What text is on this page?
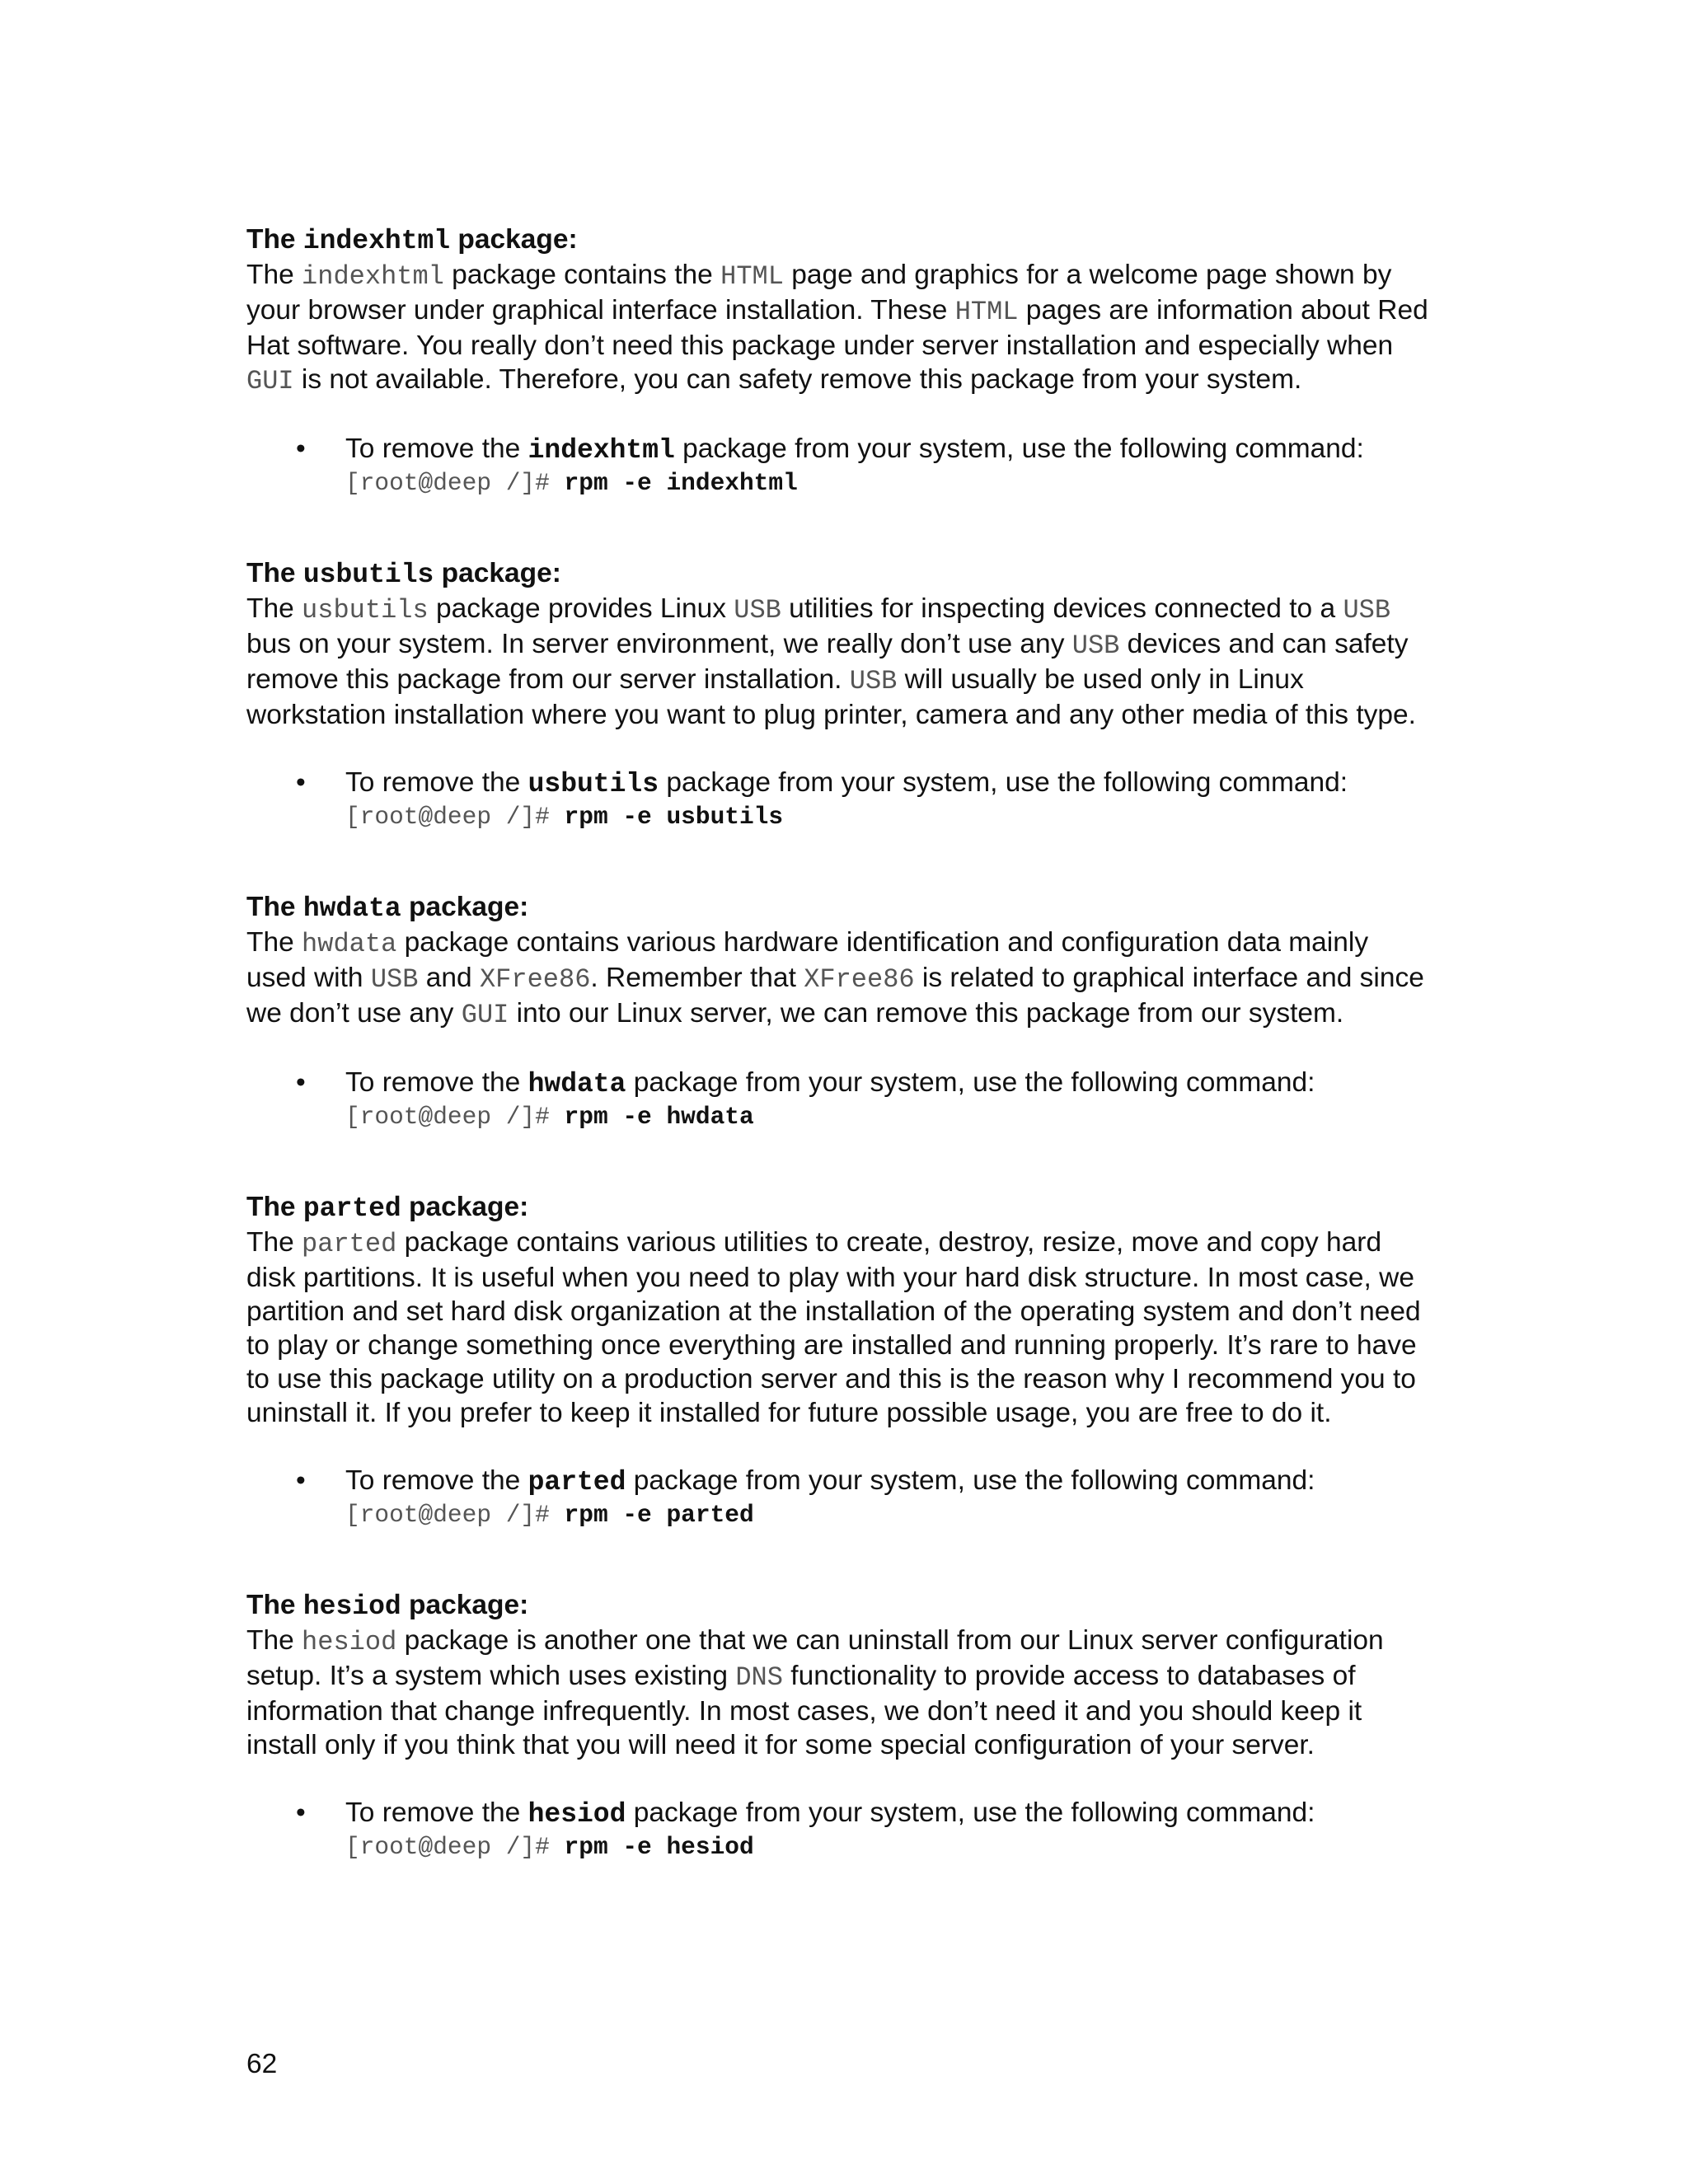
The indexhtml package:

The indexhtml package contains the HTML page and graphics for a welcome page shown by

your browser under graphical interface installation. These HTML pages are information about Red

Hat software. You really don’t need this package under server installation and especially when

GUI is not available. Therefore, you can safety remove this package from your system.

• To remove the indexhtml package from your system, use the following command:
[root@deep /]# rpm -e indexhtml

The usbutils package:

The usbutils package provides Linux USB utilities for inspecting devices connected to a USB

bus on your system. In server environment, we really don’t use any USB devices and can safety

remove this package from our server installation. USB will usually be used only in Linux

workstation installation where you want to plug printer, camera and any other media of this type.

• To remove the usbutils package from your system, use the following command:
[root@deep /]# rpm -e usbutils

The hwdata package:

The hwdata package contains various hardware identification and configuration data mainly

used with USB and XFree86. Remember that XFree86 is related to graphical interface and since

we don’t use any GUI into our Linux server, we can remove this package from our system.

• To remove the hwdata package from your system, use the following command:
[root@deep /]# rpm -e hwdata

The parted package:

The parted package contains various utilities to create, destroy, resize, move and copy hard

disk partitions. It is useful when you need to play with your hard disk structure. In most case, we

partition and set hard disk organization at the installation of the operating system and don’t need

to play or change something once everything are installed and running properly. It’s rare to have

to use this package utility on a production server and this is the reason why I recommend you to

uninstall it. If you prefer to keep it installed for future possible usage, you are free to do it.

• To remove the parted package from your system, use the following command:
[root@deep /]# rpm -e parted

The hesiod package:

The hesiod package is another one that we can uninstall from our Linux server configuration

setup. It’s a system which uses existing DNS functionality to provide access to databases of

information that change infrequently. In most cases, we don’t need it and you should keep it

install only if you think that you will need it for some special configuration of your server.

• To remove the hesiod package from your system, use the following command:
[root@deep /]# rpm -e hesiod
62
